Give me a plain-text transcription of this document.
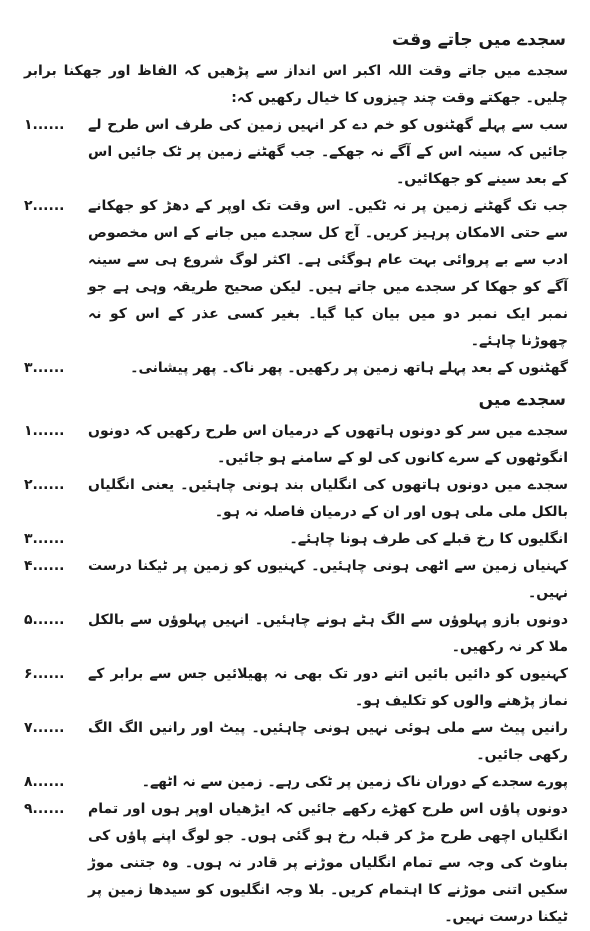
سجدے میں جاتے وقت
سجدے میں جاتے وقت اللہ اکبر اس انداز سے پڑھیں کہ الفاظ اور جھکنا برابر چلیں۔ جھکتے وقت چند چیزوں کا خیال رکھیں کہ:
سب سے پہلے گھٹنوں کو خم دے کر انہیں زمین کی طرف اس طرح لے جائیں کہ سینہ اس کے آگے نہ جھکے۔ جب گھٹنے زمین پر ٹک جائیں اس کے بعد سینے کو جھکائیں۔
۱......
جب تک گھٹنے زمین پر نہ ٹکیں۔ اس وقت تک اوپر کے دھڑ کو جھکانے سے حتی الامکان پرہیز کریں۔ آج کل سجدے میں جانے کے اس مخصوص ادب سے بے پروائی بہت عام ہوگئی ہے۔ اکثر لوگ شروع ہی سے سینہ آگے کو جھکا کر سجدے میں جاتے ہیں۔ لیکن صحیح طریقہ وہی ہے جو نمبر ایک نمبر دو میں بیان کیا گیا۔ بغیر کسی عذر کے اس کو نہ چھوڑنا چاہئے۔
۲......
گھٹنوں کے بعد پہلے ہاتھ زمین پر رکھیں۔ پھر ناک۔ پھر پیشانی۔
۳......
سجدے میں
سجدے میں سر کو دونوں ہاتھوں کے درمیان اس طرح رکھیں کہ دونوں انگوٹھوں کے سرے کانوں کی لو کے سامنے ہو جائیں۔
۱......
سجدے میں دونوں ہاتھوں کی انگلیاں بند ہونی چاہئیں۔ یعنی انگلیاں بالکل ملی ملی ہوں اور ان کے درمیان فاصلہ نہ ہو۔
۲......
انگلیوں کا رخ قبلے کی طرف ہونا چاہئے۔
۳......
کہنیاں زمین سے اٹھی ہونی چاہئیں۔ کہنیوں کو زمین پر ٹیکنا درست نہیں۔
۴......
دونوں بازو پہلوؤں سے الگ ہٹے ہونے چاہئیں۔ انہیں پہلوؤں سے بالکل ملا کر نہ رکھیں۔
۵......
کہنیوں کو دائیں بائیں اتنے دور تک بھی نہ پھیلائیں جس سے برابر کے نماز پڑھنے والوں کو تکلیف ہو۔
۶......
رانیں پیٹ سے ملی ہوئی نہیں ہونی چاہئیں۔ پیٹ اور رانیں الگ الگ رکھی جائیں۔
۷......
پورے سجدے کے دوران ناک زمین پر ٹکی رہے۔ زمین سے نہ اٹھے۔
۸......
دونوں پاؤں اس طرح کھڑے رکھے جائیں کہ ایڑھیاں اوپر ہوں اور تمام انگلیاں اچھی طرح مڑ کر قبلہ رخ ہو گئی ہوں۔ جو لوگ اپنے پاؤں کی بناوٹ کی وجہ سے تمام انگلیاں موڑنے پر قادر نہ ہوں۔ وہ جتنی موڑ سکیں اتنی موڑنے کا اہتمام کریں۔ بلا وجہ انگلیوں کو سیدھا زمین پر ٹیکنا درست نہیں۔
۹......
